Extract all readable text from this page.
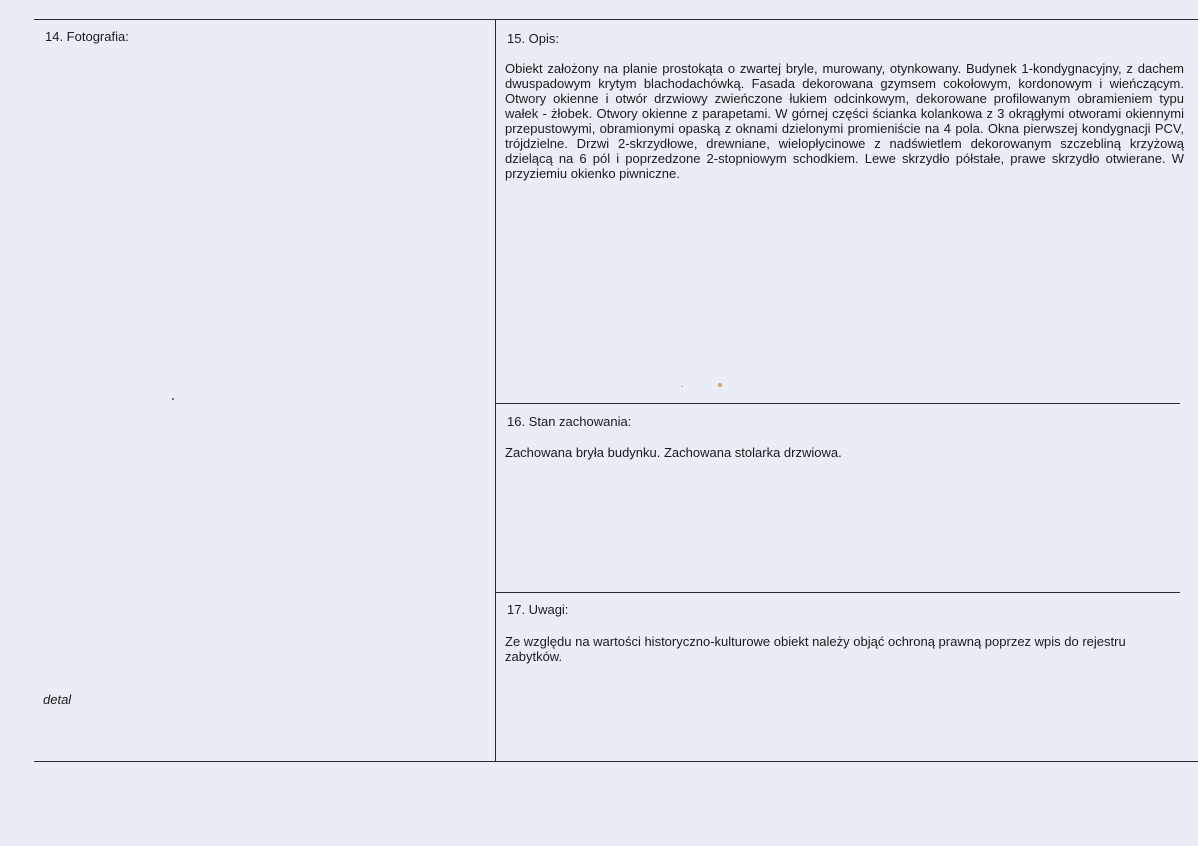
14. Fotografia:
detal
15. Opis:
Obiekt założony na planie prostokąta o zwartej bryle, murowany, otynkowany. Budynek 1-kondygnacyjny, z dachem dwuspadowym krytym blachodachówką. Fasada dekorowana gzymsem cokołowym, kordonowym i wieńczącym. Otwory okienne i otwór drzwiowy zwieńczone łukiem odcinkowym, dekorowane profilowanym obramieniem typu wałek - żłobek. Otwory okienne z parapetami. W górnej części ścianka kolankowa z 3 okrągłymi otworami okiennymi przepustowymi, obramionymi opaską z oknami dzielonymi promieniście na 4 pola. Okna pierwszej kondygnacji PCV, trójdzielne. Drzwi 2-skrzydłowe, drewniane, wielopłycinowe z nadświetlem dekorowanym szczebliną krzyżową dzielącą na 6 pól i poprzedzone 2-stopniowym schodkiem. Lewe skrzydło półstałe, prawe skrzydło otwierane. W przyziemiu okienko piwniczne.
16. Stan zachowania:
Zachowana bryła budynku. Zachowana stolarka drzwiowa.
17. Uwagi:
Ze względu na wartości historyczno-kulturowe obiekt należy objąć ochroną prawną poprzez wpis do rejestru zabytków.
